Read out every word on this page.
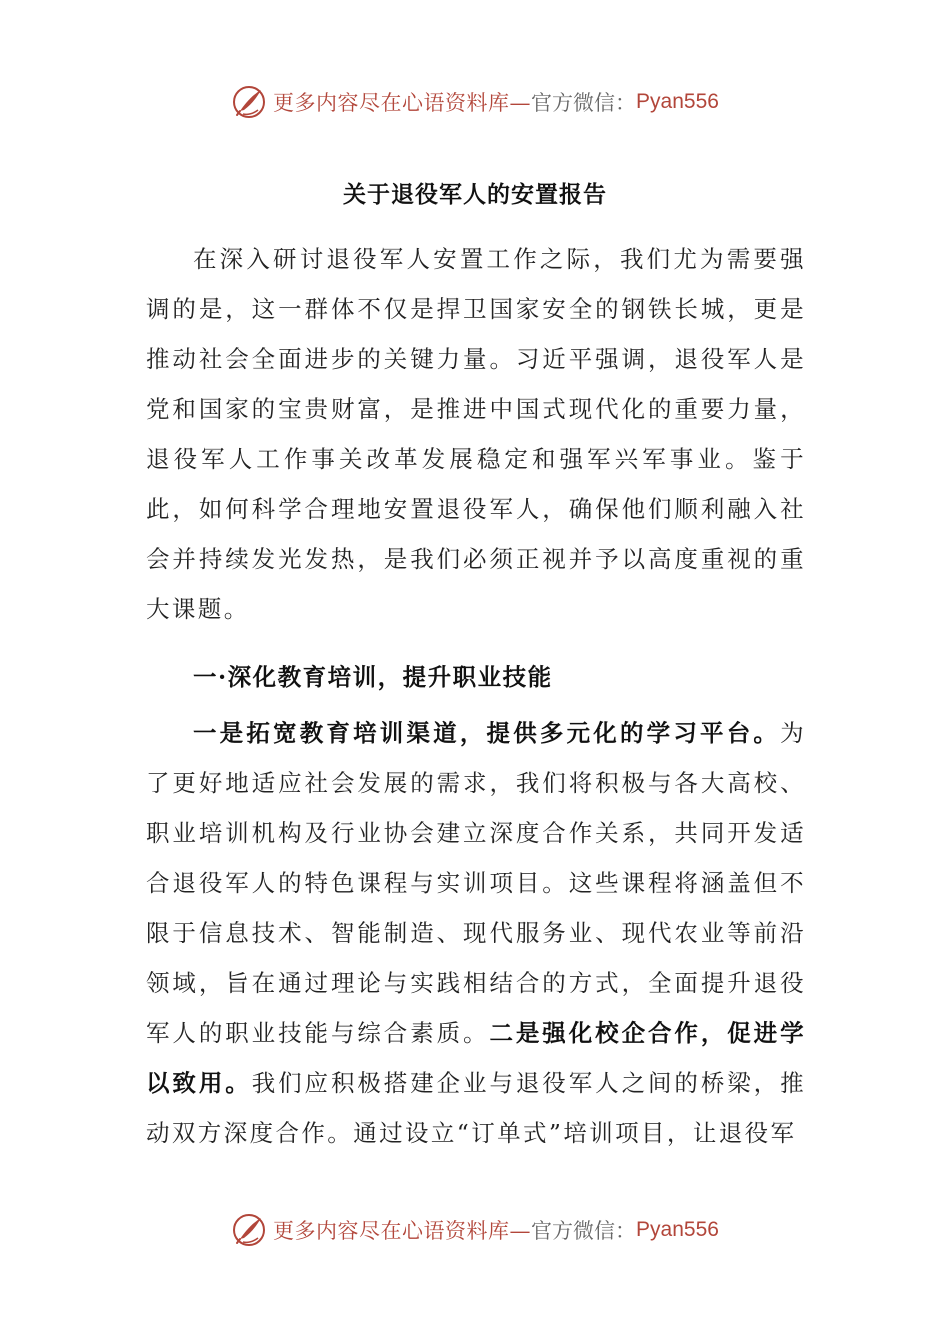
更多内容尽在心语资料库— 官方微信： Pyan556
关于退役军人的安置报告

在深入研讨退役军人安置工作之际，我们尤为需要强调的是，这一群体不仅是捍卫国家安全的钢铁长城，更是推动社会全面进步的关键力量。习近平强调，退役军人是党和国家的宝贵财富，是推进中国式现代化的重要力量，退役军人工作事关改革发展稳定和强军兴军事业。鉴于此，如何科学合理地安置退役军人，确保他们顺利融入社会并持续发光发热，是我们必须正视并予以高度重视的重大课题。

一·深化教育培训，提升职业技能

一是拓宽教育培训渠道，提供多元化的学习平台。为了更好地适应社会发展的需求，我们将积极与各大高校、职业培训机构及行业协会建立深度合作关系，共同开发适合退役军人的特色课程与实训项目。这些课程将涵盖但不限于信息技术、智能制造、现代服务业、现代农业等前沿领域，旨在通过理论与实践相结合的方式，全面提升退役军人的职业技能与综合素质。二是强化校企合作，促进学以致用。我们应积极搭建企业与退役军人之间的桥梁，推动双方深度合作。通过设立“订单式”培训项目，让退役军

更多内容尽在心语资料库— 官方微信： Pyan556
